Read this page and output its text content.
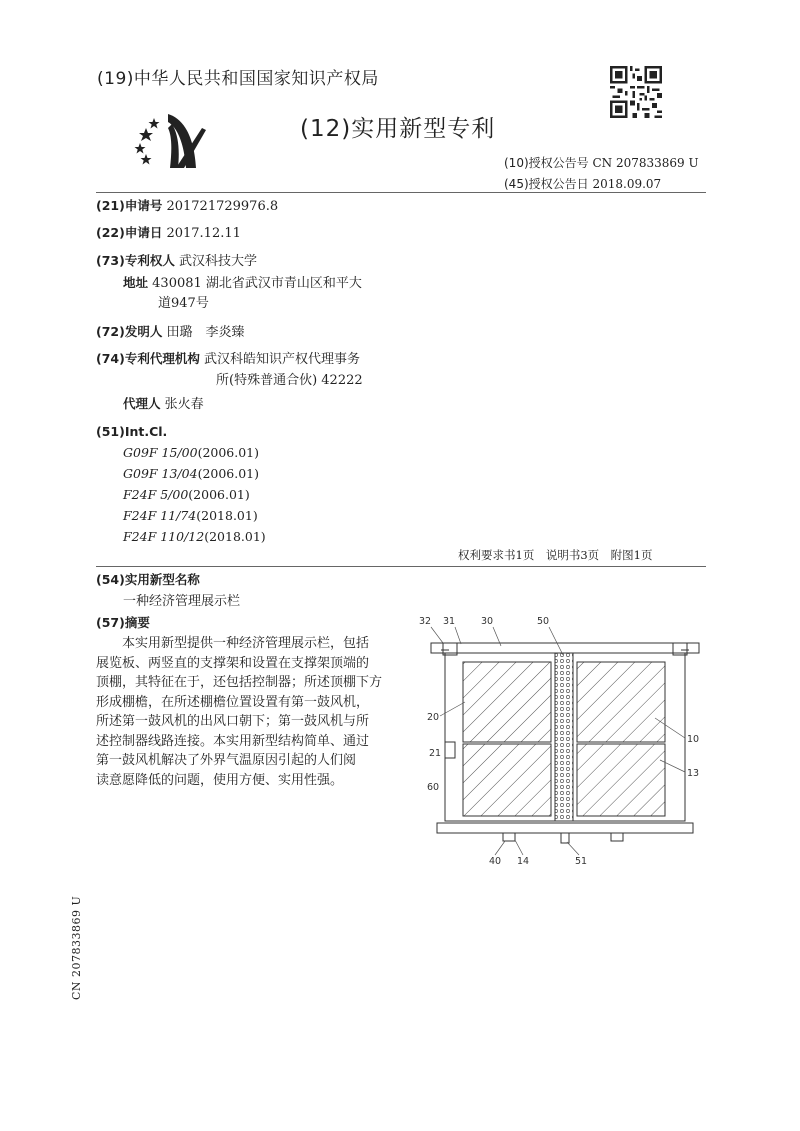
(19)中华人民共和国国家知识产权局
(12)实用新型专利
(10)授权公告号 CN 207833869 U
(45)授权公告日 2018.09.07
(21)申请号 201721729976.8
(22)申请日 2017.12.11
(73)专利权人 武汉科技大学
地址 430081 湖北省武汉市青山区和平大
道947号
(72)发明人 田璐　李炎臻
(74)专利代理机构 武汉科皓知识产权代理事务
所(特殊普通合伙) 42222
代理人 张火春
(51)Int.Cl.
G09F 15/00(2006.01)
G09F 13/04(2006.01)
F24F 5/00(2006.01)
F24F 11/74(2018.01)
F24F 110/12(2018.01)
权利要求书1页　说明书3页　附图1页
(54)实用新型名称
一种经济管理展示栏
(57)摘要
　　本实用新型提供一种经济管理展示栏，包括
展览板、两竖直的支撑架和设置在支撑架顶端的
顶棚，其特征在于，还包括控制器；所述顶棚下方
形成棚檐，在所述棚檐位置设置有第一鼓风机，
所述第一鼓风机的出风口朝下；第一鼓风机与所
述控制器线路连接。本实用新型结构简单、通过
第一鼓风机解决了外界气温原因引起的人们阅
读意愿降低的问题，使用方便、实用性强。
32 31	30	50
20
10
21
13
60
40 14	51
CN 207833869 U
